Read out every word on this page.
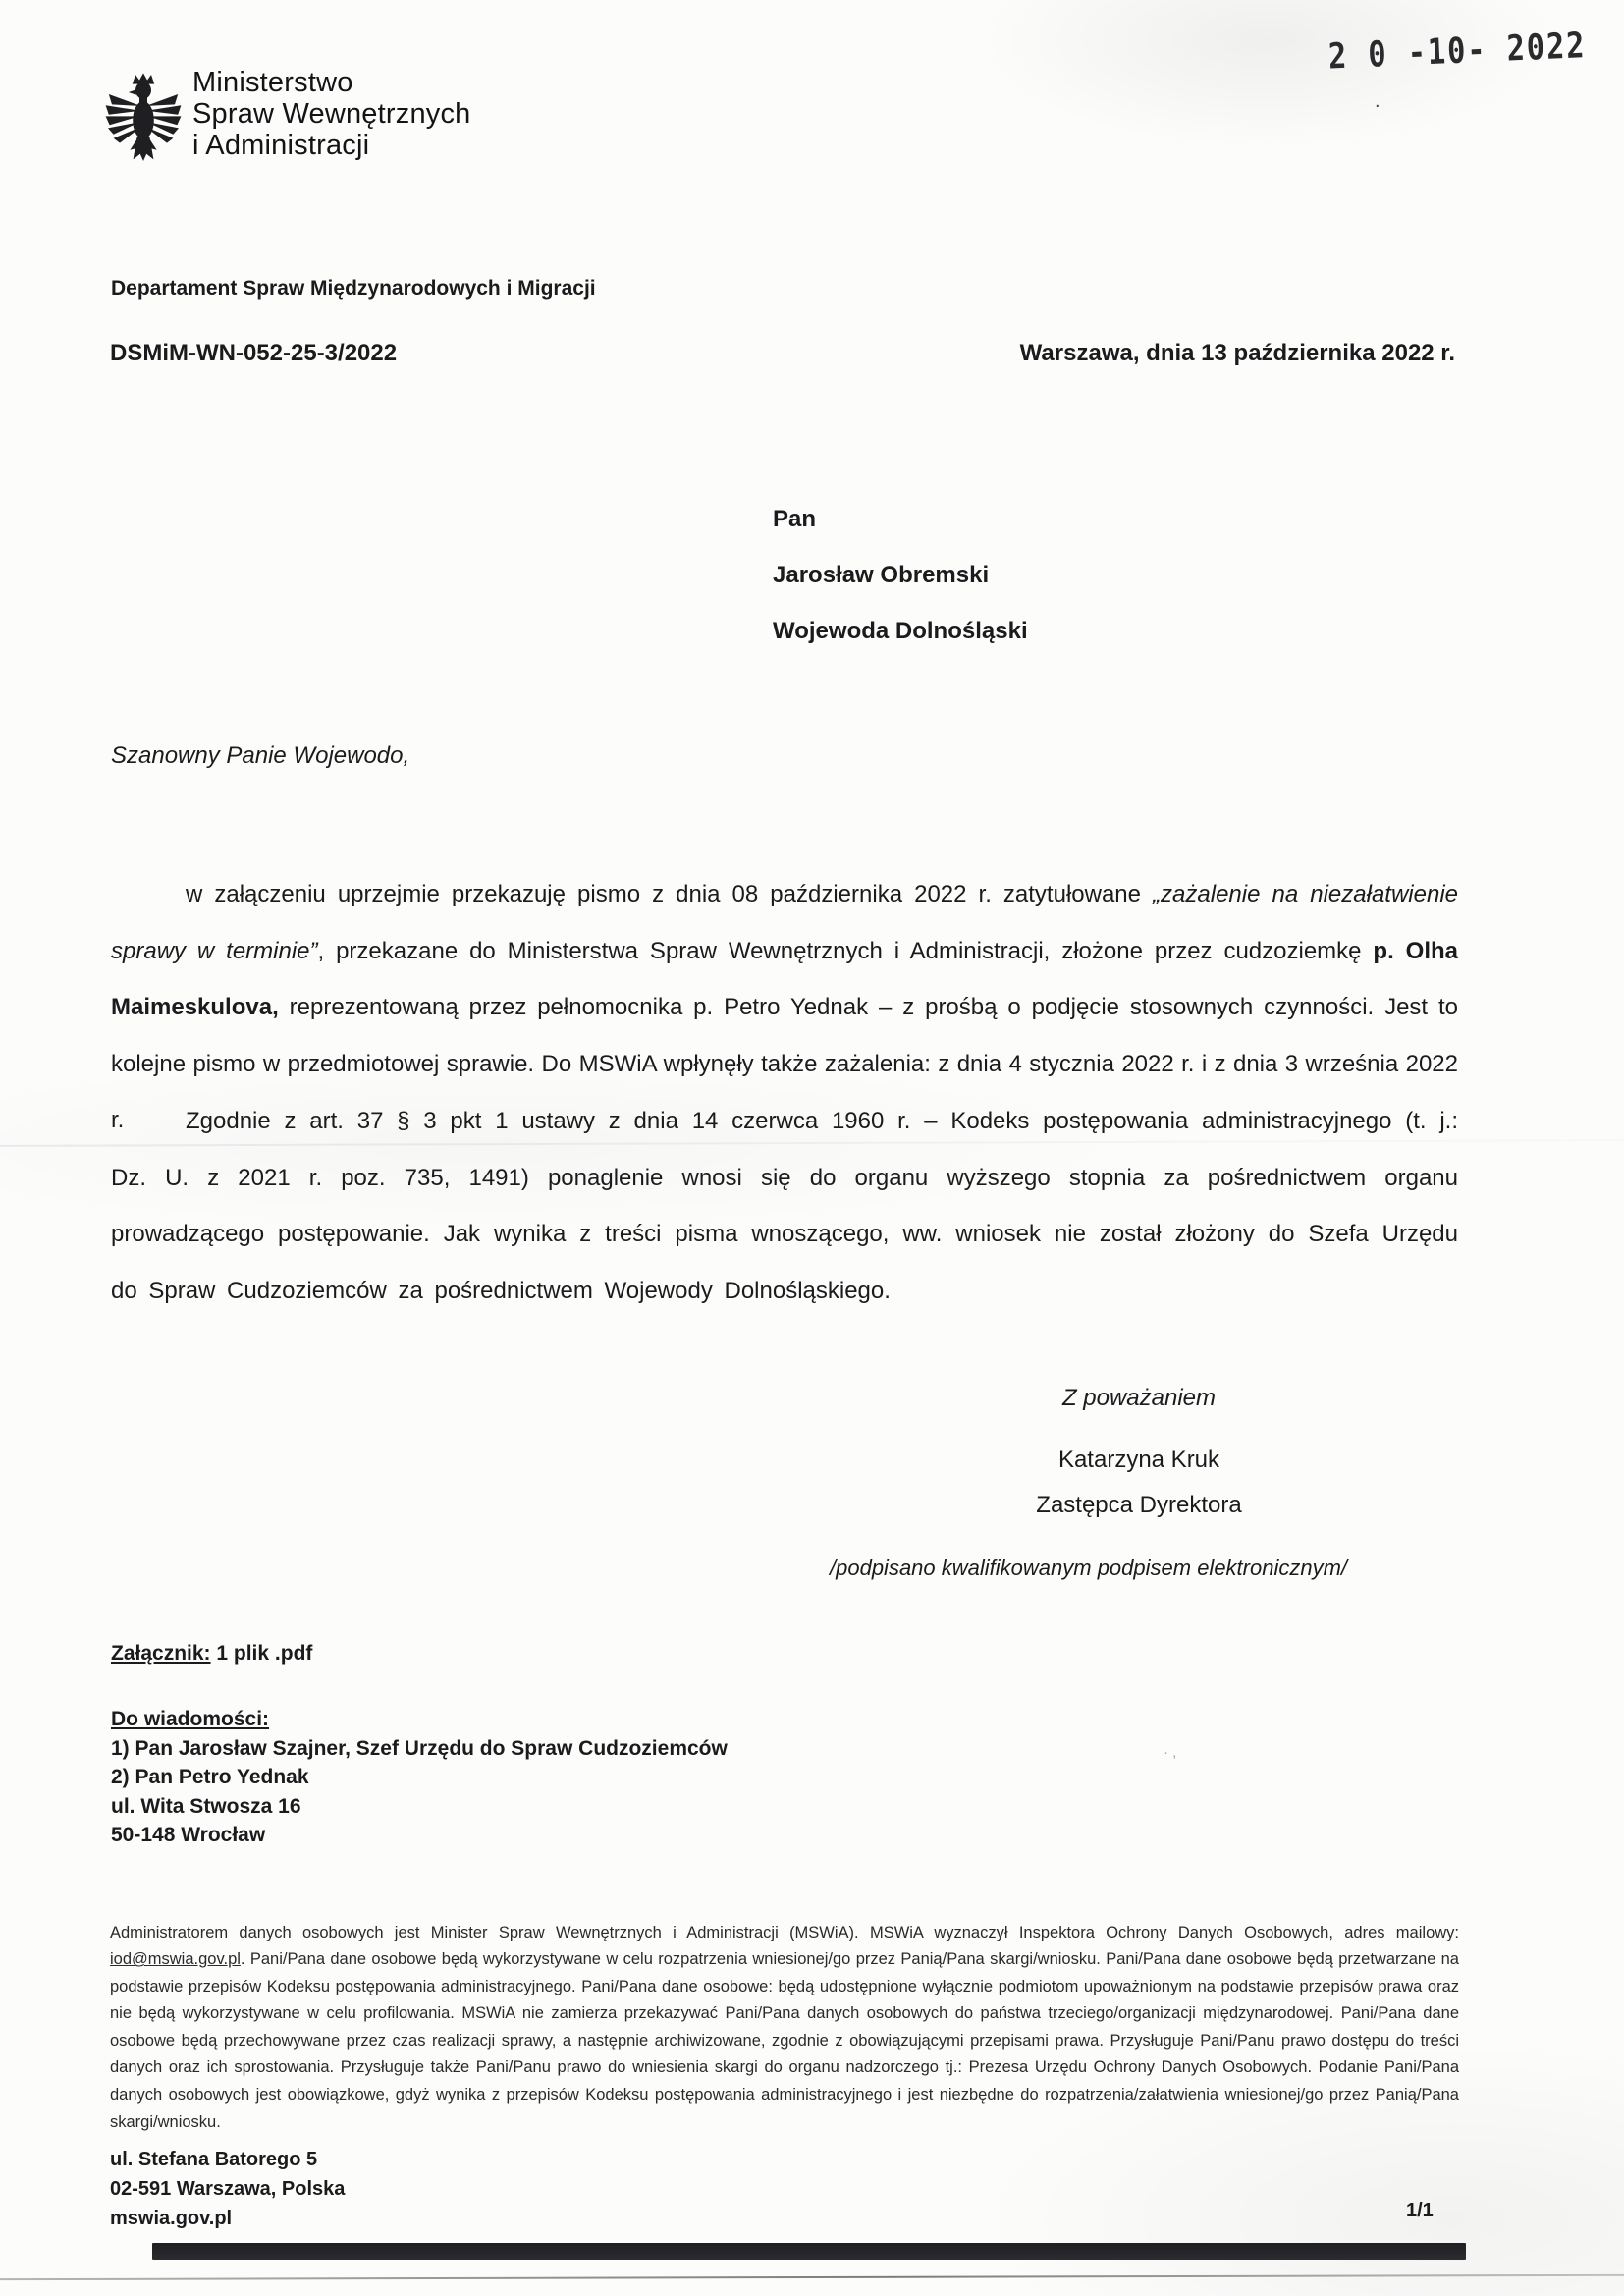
2 0 -10- 2022
.
Ministerstwo
Spraw Wewnętrznych
i Administracji
Departament Spraw Międzynarodowych i Migracji
DSMiM-WN-052-25-3/2022	Warszawa, dnia 13 października 2022 r.
Pan
Jarosław Obremski
Wojewoda Dolnośląski
Szanowny Panie Wojewodo,

w załączeniu uprzejmie przekazuję pismo z dnia 08 października 2022 r. zatytułowane „zażalenie na niezałatwienie sprawy w terminie”, przekazane do Ministerstwa Spraw Wewnętrznych i Administracji, złożone przez cudzoziemkę p. Olha Maimeskulova, reprezentowaną przez pełnomocnika p. Petro Yednak – z prośbą o podjęcie stosownych czynności. Jest to kolejne pismo w przedmiotowej sprawie. Do MSWiA wpłynęły także zażalenia: z dnia 4 stycznia 2022 r. i z dnia 3 września 2022 r.	Zgodnie z art. 37 § 3 pkt 1 ustawy z dnia 14 czerwca 1960 r. – Kodeks postępowania administracyjnego (t. j.: Dz. U. z 2021 r. poz. 735, 1491) ponaglenie wnosi się do organu wyższego stopnia za pośrednictwem organu prowadzącego postępowanie. Jak wynika z treści pisma wnoszącego, ww. wniosek nie został złożony do Szefa Urzędu do Spraw Cudzoziemców za pośrednictwem Wojewody Dolnośląskiego.

Z poważaniem
Katarzyna Kruk
Zastępca Dyrektora
/podpisano kwalifikowanym podpisem elektronicznym/
Załącznik: 1 plik .pdf
Do wiadomości:
1) Pan Jarosław Szajner, Szef Urzędu do Spraw Cudzoziemców
2) Pan Petro Yednak
ul. Wita Stwosza 16
50-148 Wrocław

Administratorem danych osobowych jest Minister Spraw Wewnętrznych i Administracji (MSWiA). MSWiA wyznaczył Inspektora Ochrony Danych Osobowych, adres mailowy: iod@mswia.gov.pl. Pani/Pana dane osobowe będą wykorzystywane w celu rozpatrzenia wniesionej/go przez Panią/Pana skargi/wniosku. Pani/Pana dane osobowe będą przetwarzane na podstawie przepisów Kodeksu postępowania administracyjnego. Pani/Pana dane osobowe: będą udostępnione wyłącznie podmiotom upoważnionym na podstawie przepisów prawa oraz nie będą wykorzystywane w celu profilowania. MSWiA nie zamierza przekazywać Pani/Pana danych osobowych do państwa trzeciego/organizacji międzynarodowej. Pani/Pana dane osobowe będą przechowywane przez czas realizacji sprawy, a następnie archiwizowane, zgodnie z obowiązującymi przepisami prawa. Przysługuje Pani/Panu prawo dostępu do treści danych oraz ich sprostowania. Przysługuje także Pani/Panu prawo do wniesienia skargi do organu nadzorczego tj.: Prezesa Urzędu Ochrony Danych Osobowych. Podanie Pani/Pana danych osobowych jest obowiązkowe, gdyż wynika z przepisów Kodeksu postępowania administracyjnego i jest niezbędne do rozpatrzenia/załatwienia wniesionej/go przez Panią/Pana skargi/wniosku.

ul. Stefana Batorego 5
02-591 Warszawa, Polska
mswia.gov.pl	1/1
· ,
